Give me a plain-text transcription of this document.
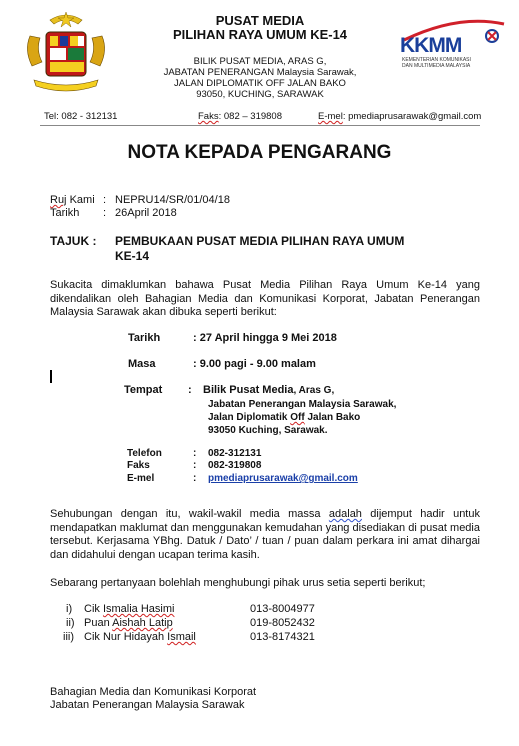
PUSAT MEDIA
PILIHAN RAYA UMUM KE-14
BILIK PUSAT MEDIA, ARAS G,
JABATAN PENERANGAN Malaysia Sarawak,
JALAN DIPLOMATIK OFF JALAN BAKO
93050, KUCHING, SARAWAK
KKMM
KEMENTERIAN KOMUNIKASI
DAN MULTIMEDIA MALAYSIA
Tel: 082 - 312131	Faks: 082 – 319808	E-mel: pmediaprusarawak@gmail.com
NOTA KEPADA PENGARANG
Ruj Kami : NEPRU14/SR/01/04/18
Tarikh : 26April 2018
TAJUK : PEMBUKAAN PUSAT MEDIA PILIHAN RAYA UMUM
KE-14
Sukacita dimaklumkan bahawa Pusat Media Pilihan Raya Umum Ke-14 yang dikendalikan oleh Bahagian Media dan Komunikasi Korporat, Jabatan Penerangan Malaysia Sarawak akan dibuka seperti berikut:
Tarikh	: 27 April hingga 9 Mei 2018
Masa	: 9.00 pagi - 9.00 malam
Tempat : Bilik Pusat Media, Aras G,
Jabatan Penerangan Malaysia Sarawak,
Jalan Diplomatik Off Jalan Bako
93050 Kuching, Sarawak.
Telefon	: 082-312131
Faks	: 082-319808
E-mel	: pmediaprusarawak@gmail.com
Sehubungan dengan itu, wakil-wakil media massa adalah dijemput hadir untuk mendapatkan maklumat dan menggunakan kemudahan yang disediakan di pusat media tersebut. Kerjasama YBhg. Datuk / Dato’ / tuan / puan dalam perkara ini amat dihargai dan didahului dengan ucapan terima kasih.
Sebarang pertanyaan bolehlah menghubungi pihak urus setia seperti berikut;
i) Cik Ismalia Hasimi	013-8004977
ii) Puan Aishah Latip	019-8052432
iii) Cik Nur Hidayah Ismail	013-8174321
Bahagian Media dan Komunikasi Korporat
Jabatan Penerangan Malaysia Sarawak
